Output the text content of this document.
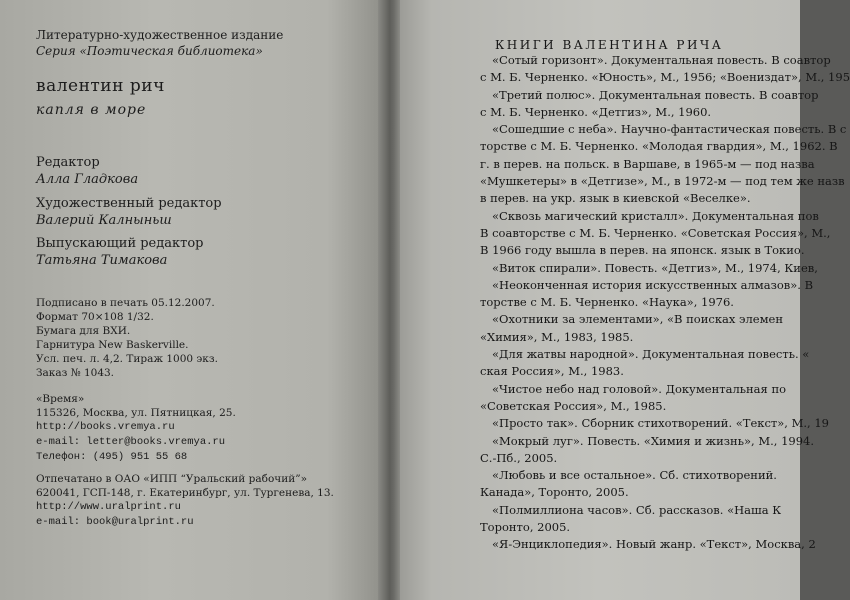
Литературно-художественное издание
Серия «Поэтическая библиотека»
валентин рич
капля в море
Редактор
Алла Гладкова
Художественный редактор
Валерий Калныньш
Выпускающий редактор
Татьяна Тимакова
Подписано в печать 05.12.2007.
Формат 70×108 1/32.
Бумага для ВХИ.
Гарнитура New Baskerville.
Усл. печ. л. 4,2. Тираж 1000 экз.
Заказ № 1043.
«Время»
115326, Москва, ул. Пятницкая, 25.
http://books.vremya.ru
e-mail: letter@books.vremya.ru
Телефон: (495) 951 55 68
Отпечатано в ОАО «ИПП “Уральский рабочий”»
620041, ГСП-148, г. Екатеринбург, ул. Тургенева, 13.
http://www.uralprint.ru
e-mail: book@uralprint.ru
КНИГИ ВАЛЕНТИНА РИЧА
«Сотый горизонт». Документальная повесть. В соавтор
с М. Б. Черненко. «Юность», М., 1956; «Воениздат», М., 195
«Третий полюс». Документальная повесть. В соавтор
с М. Б. Черненко. «Детгиз», М., 1960.
«Сошедшие с неба». Научно-фантастическая повесть. В с
торстве с М. Б. Черненко. «Молодая гвардия», М., 1962. В
г. в перев. на польск. в Варшаве, в 1965-м — под назва
«Мушкетеры» в «Детгизе», М., в 1972-м — под тем же назв
в перев. на укр. язык в киевской «Веселке».
«Сквозь магический кристалл». Документальная пов
В соавторстве с М. Б. Черненко. «Советская Россия», М.,
В 1966 году вышла в перев. на японск. язык в Токио.
«Виток спирали». Повесть. «Детгиз», М., 1974, Киев,
«Неоконченная история искусственных алмазов». В
торстве с М. Б. Черненко. «Наука», 1976.
«Охотники за элементами», «В поисках элемен
«Химия», М., 1983, 1985.
«Для жатвы народной». Документальная повесть. «
ская Россия», М., 1983.
«Чистое небо над головой». Документальная по
«Советская Россия», М., 1985.
«Просто так». Сборник стихотворений. «Текст», М., 19
«Мокрый луг». Повесть. «Химия и жизнь», М., 1994.
С.-Пб., 2005.
«Любовь и все остальное». Сб. стихотворений.
Канада», Торонто, 2005.
«Полмиллиона часов». Сб. рассказов. «Наша К
Торонто, 2005.
«Я-Энциклопедия». Новый жанр. «Текст», Москва, 2
